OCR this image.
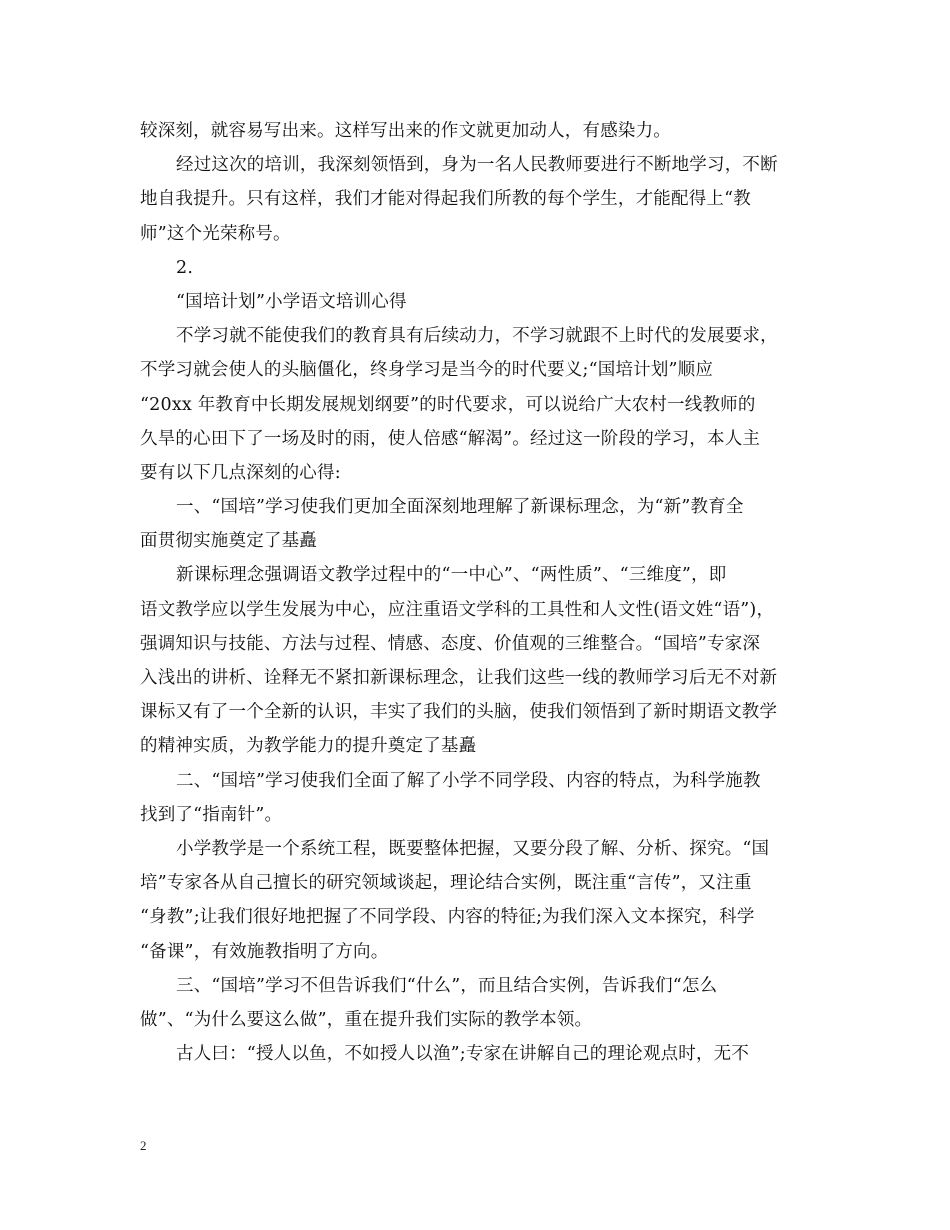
较深刻，就容易写出来。这样写出来的作文就更加动人，有感染力。
经过这次的培训，我深刻领悟到，身为一名人民教师要进行不断地学习，不断
地自我提升。只有这样，我们才能对得起我们所教的每个学生，才能配得上“教
师”这个光荣称号。
2.
“国培计划”小学语文培训心得
不学习就不能使我们的教育具有后续动力，不学习就跟不上时代的发展要求，
不学习就会使人的头脑僵化，终身学习是当今的时代要义;“国培计划”顺应
“20xx 年教育中长期发展规划纲要”的时代要求，可以说给广大农村一线教师的
久旱的心田下了一场及时的雨，使人倍感“解渴”。经过这一阶段的学习，本人主
要有以下几点深刻的心得:
一、“国培”学习使我们更加全面深刻地理解了新课标理念，为“新”教育全
面贯彻实施奠定了基矗
新课标理念强调语文教学过程中的“一中心”、“两性质”、“三维度”，即
语文教学应以学生发展为中心，应注重语文学科的工具性和人文性(语文姓“语”)，
强调知识与技能、方法与过程、情感、态度、价值观的三维整合。“国培”专家深
入浅出的讲析、诠释无不紧扣新课标理念，让我们这些一线的教师学习后无不对新
课标又有了一个全新的认识，丰实了我们的头脑，使我们领悟到了新时期语文教学
的精神实质，为教学能力的提升奠定了基矗
二、“国培”学习使我们全面了解了小学不同学段、内容的特点，为科学施教
找到了“指南针”。
小学教学是一个系统工程，既要整体把握，又要分段了解、分析、探究。“国
培”专家各从自己擅长的研究领域谈起，理论结合实例，既注重“言传”，又注重
“身教”;让我们很好地把握了不同学段、内容的特征;为我们深入文本探究，科学
“备课”，有效施教指明了方向。
三、“国培”学习不但告诉我们“什么”，而且结合实例，告诉我们“怎么
做”、“为什么要这么做”，重在提升我们实际的教学本领。
古人曰：“授人以鱼，不如授人以渔”;专家在讲解自己的理论观点时，无不
2
